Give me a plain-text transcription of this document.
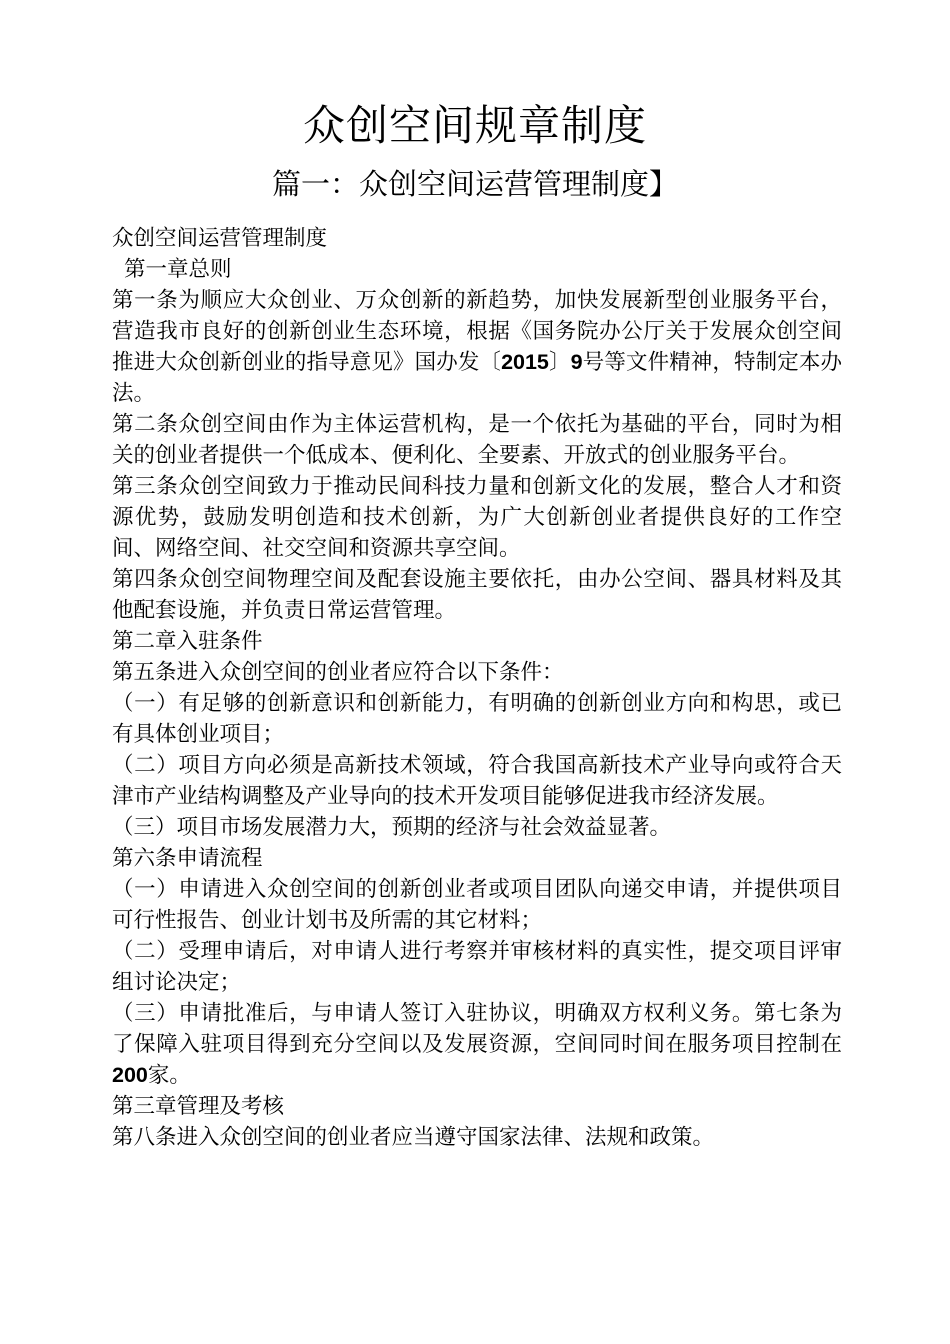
众创空间规章制度
篇一：众创空间运营管理制度】

众创空间运营管理制度

第一章总则

第一条为顺应大众创业、万众创新的新趋势，加快发展新型创业服务平台，营造我市良好的创新创业生态环境，根据《国务院办公厅关于发展众创空间推进大众创新创业的指导意见》国办发〔2015〕9号等文件精神，特制定本办法。

第二条众创空间由作为主体运营机构，是一个依托为基础的平台，同时为相关的创业者提供一个低成本、便利化、全要素、开放式的创业服务平台。

第三条众创空间致力于推动民间科技力量和创新文化的发展，整合人才和资源优势，鼓励发明创造和技术创新，为广大创新创业者提供良好的工作空间、网络空间、社交空间和资源共享空间。

第四条众创空间物理空间及配套设施主要依托，由办公空间、器具材料及其他配套设施，并负责日常运营管理。

第二章入驻条件

第五条进入众创空间的创业者应符合以下条件：

（一）有足够的创新意识和创新能力，有明确的创新创业方向和构思，或已有具体创业项目；

（二）项目方向必须是高新技术领域，符合我国高新技术产业导向或符合天津市产业结构调整及产业导向的技术开发项目能够促进我市经济发展。

（三）项目市场发展潜力大，预期的经济与社会效益显著。

第六条申请流程

（一）申请进入众创空间的创新创业者或项目团队向递交申请，并提供项目可行性报告、创业计划书及所需的其它材料；

（二）受理申请后，对申请人进行考察并审核材料的真实性，提交项目评审组讨论决定；

（三）申请批准后，与申请人签订入驻协议，明确双方权利义务。第七条为了保障入驻项目得到充分空间以及发展资源，空间同时间在服务项目控制在200家。

第三章管理及考核

第八条进入众创空间的创业者应当遵守国家法律、法规和政策。
